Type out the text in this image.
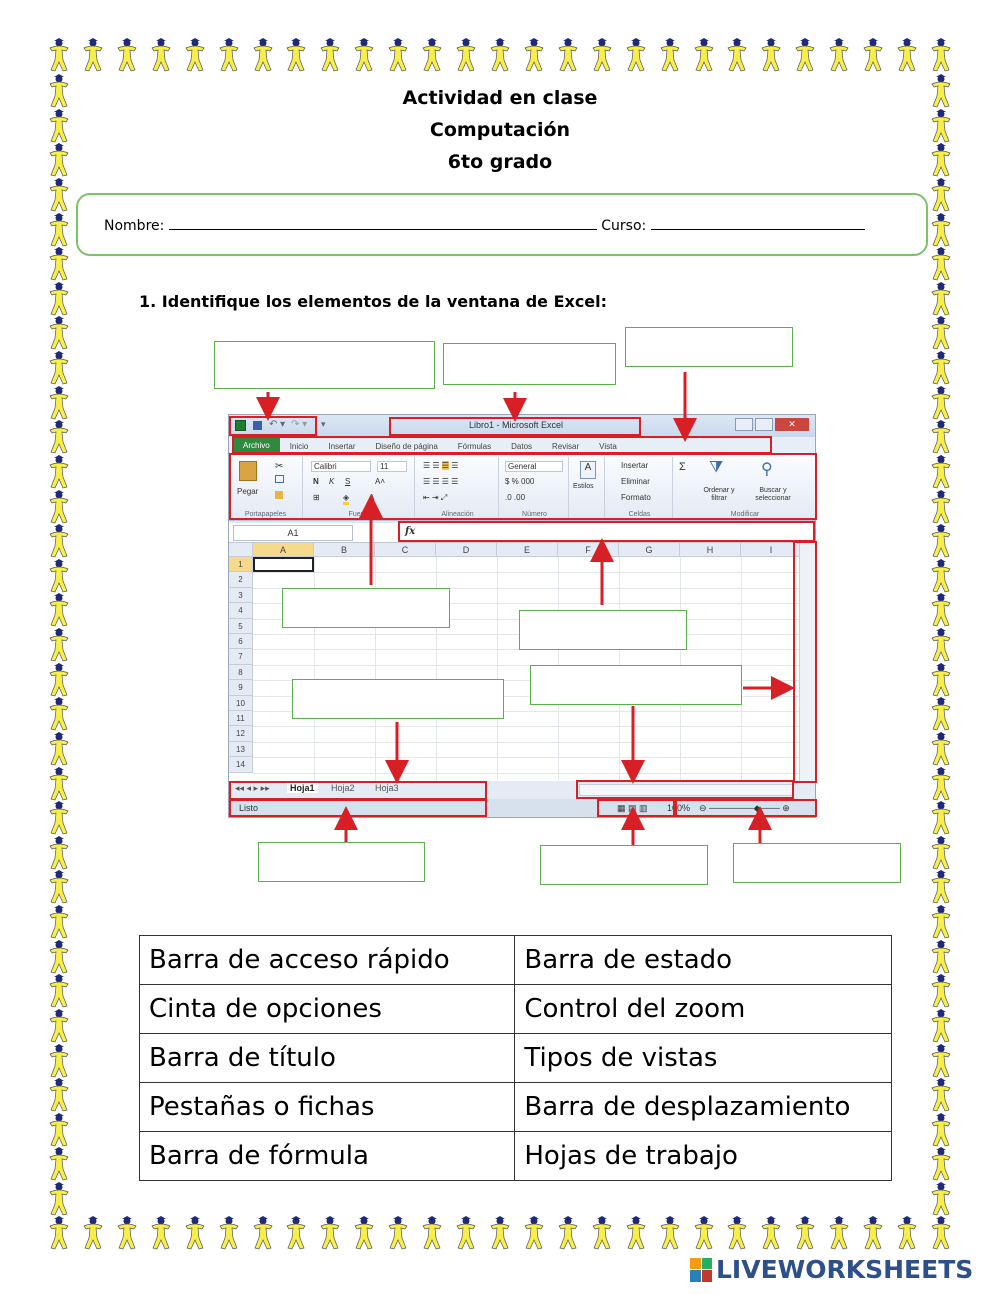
Actividad en clase
Computación
6to grado
Nombre:	Curso:
1. Identifique los elementos de la ventana de Excel:
↶ ▾ ↷ ▾ ▾	Libro1 - Microsoft Excel	✕
Archivo	Inicio	Insertar	Diseño de página	Fórmulas	Datos	Revisar	Vista
Pegar
✂
Portapapeles
Calibri	11
N K S	A˄
◈ A
⊞
Fuente
☰ ☰ ☰ ☰
☰ ☰ ☰ ☰
⇤ ⇥ ⤢
Alineación
General
$ % 000
.0 .00
Número
A
Estilos
Insertar
Eliminar
Formato
Celdas
Σ ⧩
Ordenar y filtrar
⚲
Buscar y seleccionar
Modificar
A1	fx
A	B	C	D	E	F	G	H	I
1
2
3
4
5
6
7
8
9
10
11
12
13
14
◂◂ ◂ ▸ ▸▸	Hoja1	Hoja2 Hoja3
Listo	▦ ▤ ▥ 100% ⊖ ───────◆─── ⊕
Barra de acceso rápido	Barra de estado
Cinta de opciones	Control del zoom
Barra de título	Tipos de vistas
Pestañas o fichas	Barra de desplazamiento
Barra de fórmula	Hojas de trabajo
LIVEWORKSHEETS
